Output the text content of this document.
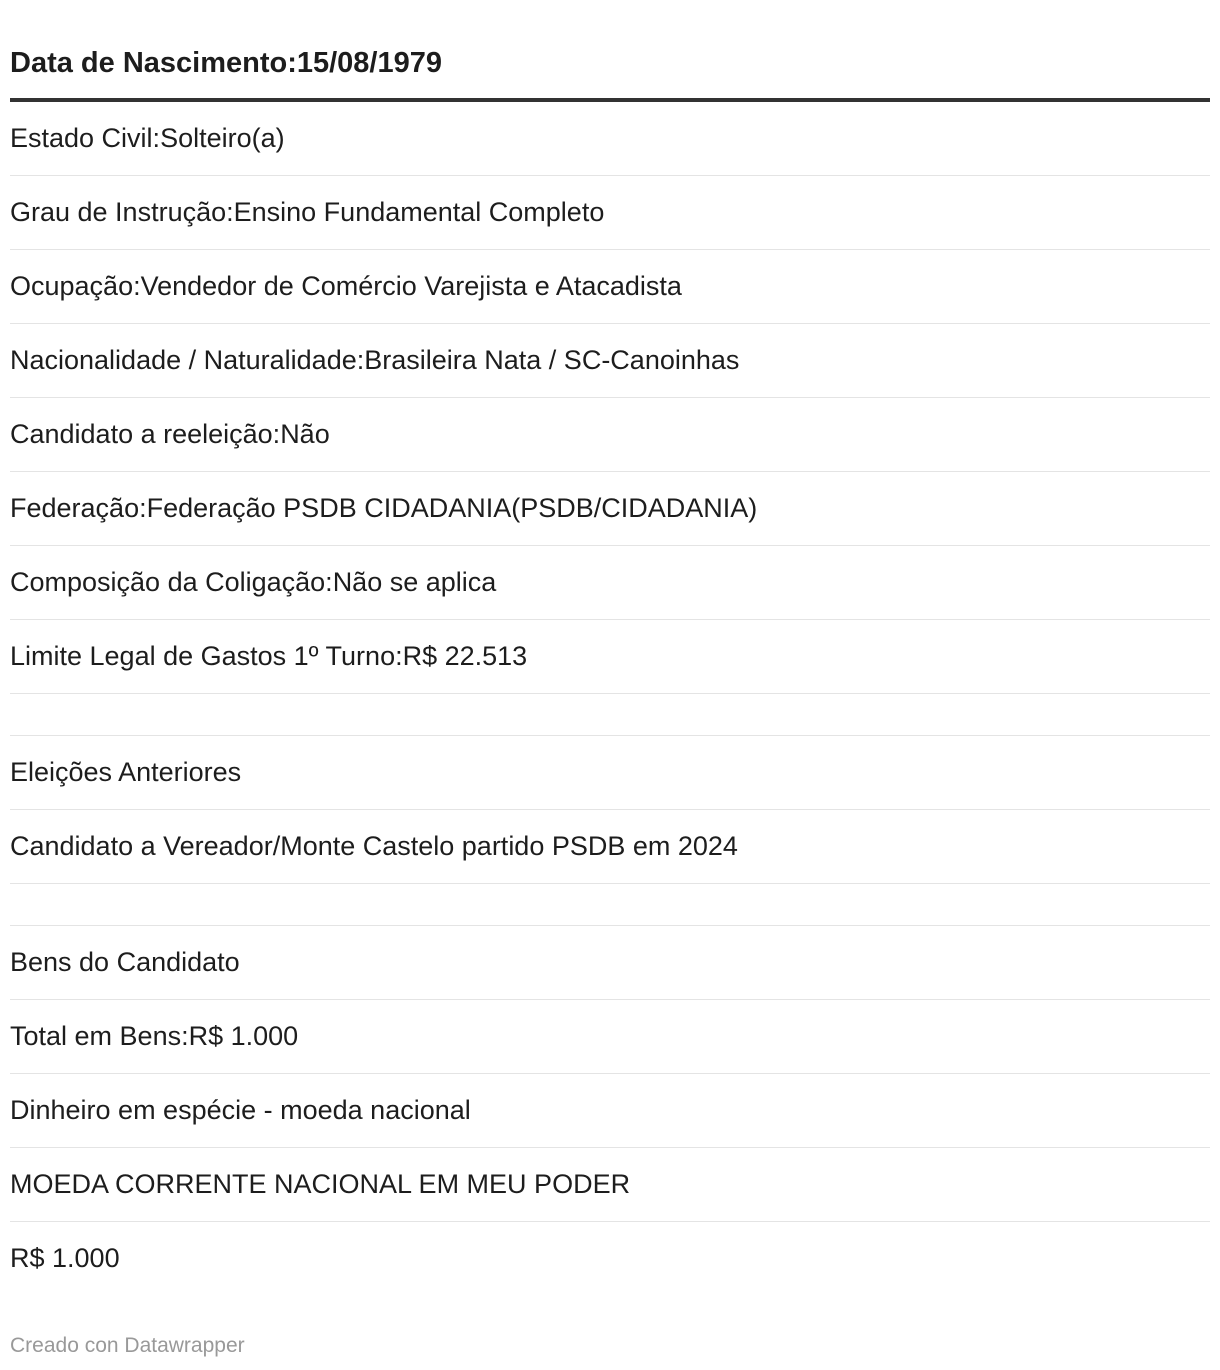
Data de Nascimento:15/08/1979
Estado Civil:Solteiro(a)
Grau de Instrução:Ensino Fundamental Completo
Ocupação:Vendedor de Comércio Varejista e Atacadista
Nacionalidade / Naturalidade:Brasileira Nata / SC-Canoinhas
Candidato a reeleição:Não
Federação:Federação PSDB CIDADANIA(PSDB/CIDADANIA)
Composição da Coligação:Não se aplica
Limite Legal de Gastos 1º Turno:R$ 22.513
Eleições Anteriores
Candidato a Vereador/Monte Castelo partido PSDB em 2024
Bens do Candidato
Total em Bens:R$ 1.000
Dinheiro em espécie - moeda nacional
MOEDA CORRENTE NACIONAL EM MEU PODER
R$ 1.000
Creado con Datawrapper
